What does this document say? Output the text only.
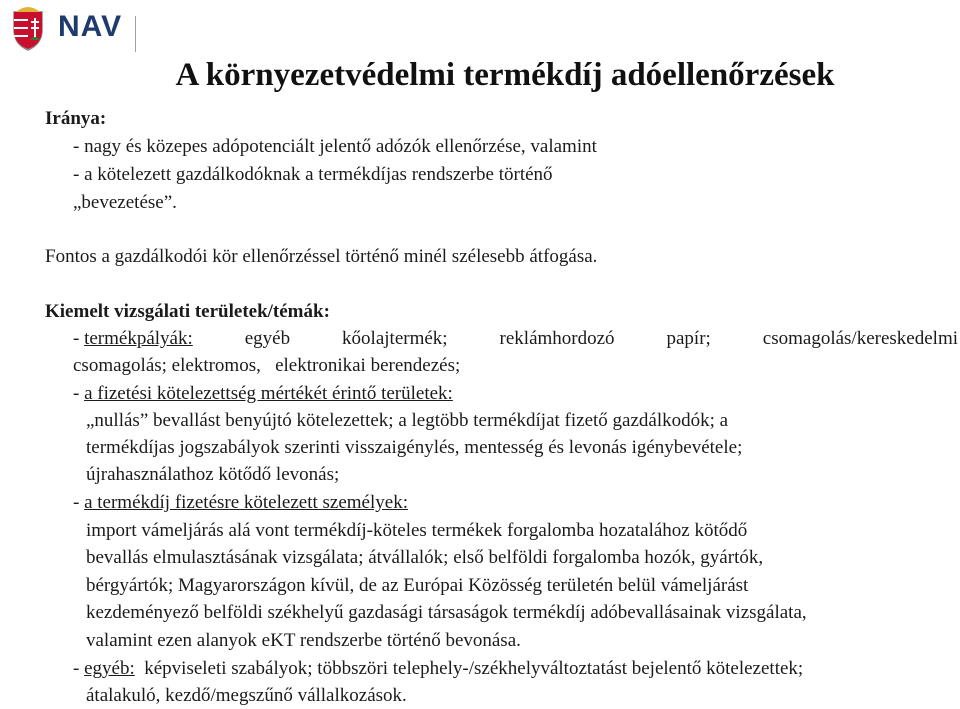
NAV
A környezetvédelmi termékdíj adóellenőrzések
Iránya:
- nagy és közepes adópotenciált jelentő adózók ellenőrzése, valamint
- a kötelezett gazdálkodóknak a termékdíjas rendszerbe történő
„bevezetése”.
Fontos a gazdálkodói kör ellenőrzéssel történő minél szélesebb átfogása.
Kiemelt vizsgálati területek/témák:
- termékpályák:	egyéb	kőolajtermék;	reklámhordozó	papír;	csomagolás/kereskedelmi
csomagolás; elektromos,   elektronikai berendezés;
- a fizetési kötelezettség mértékét érintő területek:
„nullás” bevallást benyújtó kötelezettek; a legtöbb termékdíjat fizető gazdálkodók; a
termékdíjas jogszabályok szerinti visszaigénylés, mentesség és levonás igénybevétele;
újrahasználathoz kötődő levonás;
- a termékdíj fizetésre kötelezett személyek:
import vámeljárás alá vont termékdíj-köteles termékek forgalomba hozatalához kötődő
bevallás elmulasztásának vizsgálata; átvállalók; első belföldi forgalomba hozók, gyártók,
bérgyártók; Magyarországon kívül, de az Európai Közösség területén belül vámeljárást
kezdeményező belföldi székhelyű gazdasági társaságok termékdíj adóbevallásainak vizsgálata,
valamint ezen alanyok eKT rendszerbe történő bevonása.
- egyéb: képviseleti szabályok; többszöri telephely-/székhelyváltoztatást bejelentő kötelezettek;
átalakuló, kezdő/megszűnő vállalkozások.
